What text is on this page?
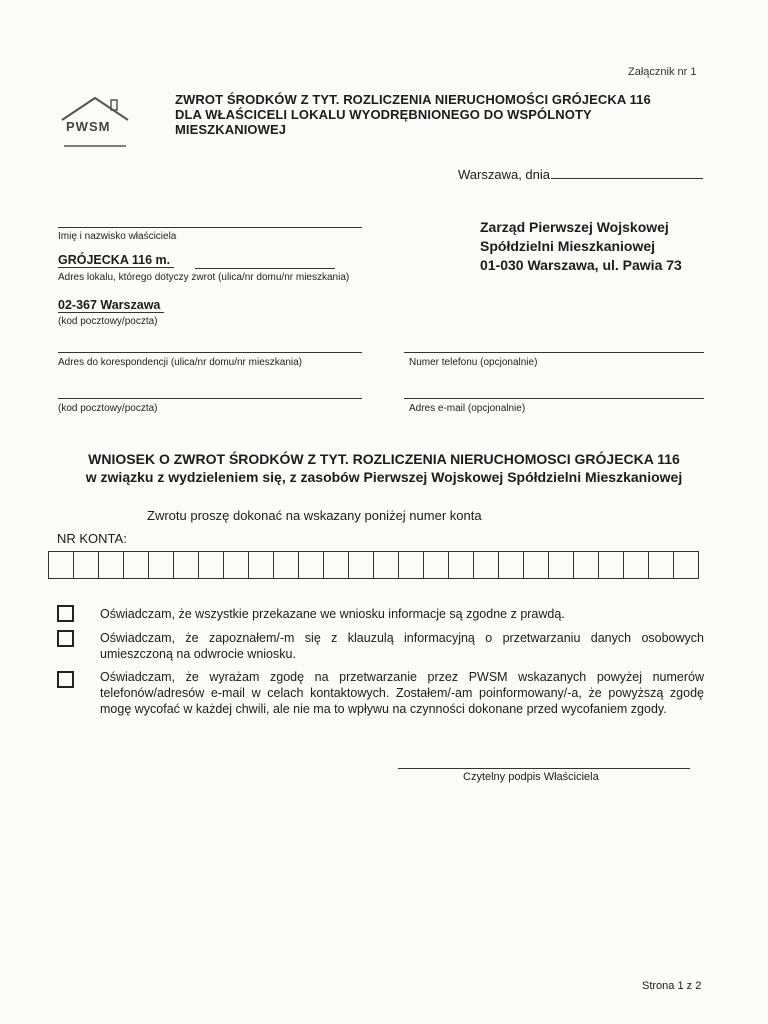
Załącznik nr 1
PWSM
ZWROT ŚRODKÓW Z TYT. ROZLICZENIA NIERUCHOMOŚCI GRÓJECKA 116
DLA WŁAŚCICELI LOKALU WYODRĘBNIONEGO DO WSPÓLNOTY
MIESZKANIOWEJ
Warszawa, dnia
Imię i nazwisko właściciela
GRÓJECKA 116 m.
Adres lokalu, którego dotyczy zwrot (ulica/nr domu/nr mieszkania)
02-367 Warszawa
(kod pocztowy/poczta)
Zarząd Pierwszej Wojskowej
Spółdzielni Mieszkaniowej
01-030 Warszawa, ul. Pawia 73
Adres do korespondencji (ulica/nr domu/nr mieszkania)	Numer telefonu (opcjonalnie)
(kod pocztowy/poczta)	Adres e-mail (opcjonalnie)
WNIOSEK O ZWROT ŚRODKÓW Z TYT. ROZLICZENIA NIERUCHOMOSCI GRÓJECKA 116
w związku z wydzieleniem się, z zasobów Pierwszej Wojskowej Spółdzielni Mieszkaniowej
Zwrotu proszę dokonać na wskazany poniżej numer konta
NR KONTA:
Oświadczam, że wszystkie przekazane we wniosku informacje są zgodne z prawdą.
Oświadczam, że zapoznałem/-m się z klauzulą informacyjną o przetwarzaniu danych osobowych umieszczoną na odwrocie wniosku.
Oświadczam, że wyrażam zgodę na przetwarzanie przez PWSM wskazanych powyżej numerów telefonów/adresów e-mail w celach kontaktowych. Zostałem/-am poinformowany/-a, że powyższą zgodę mogę wycofać w każdej chwili, ale nie ma to wpływu na czynności dokonane przed wycofaniem zgody.
Czytelny podpis Właściciela
Strona 1 z 2
